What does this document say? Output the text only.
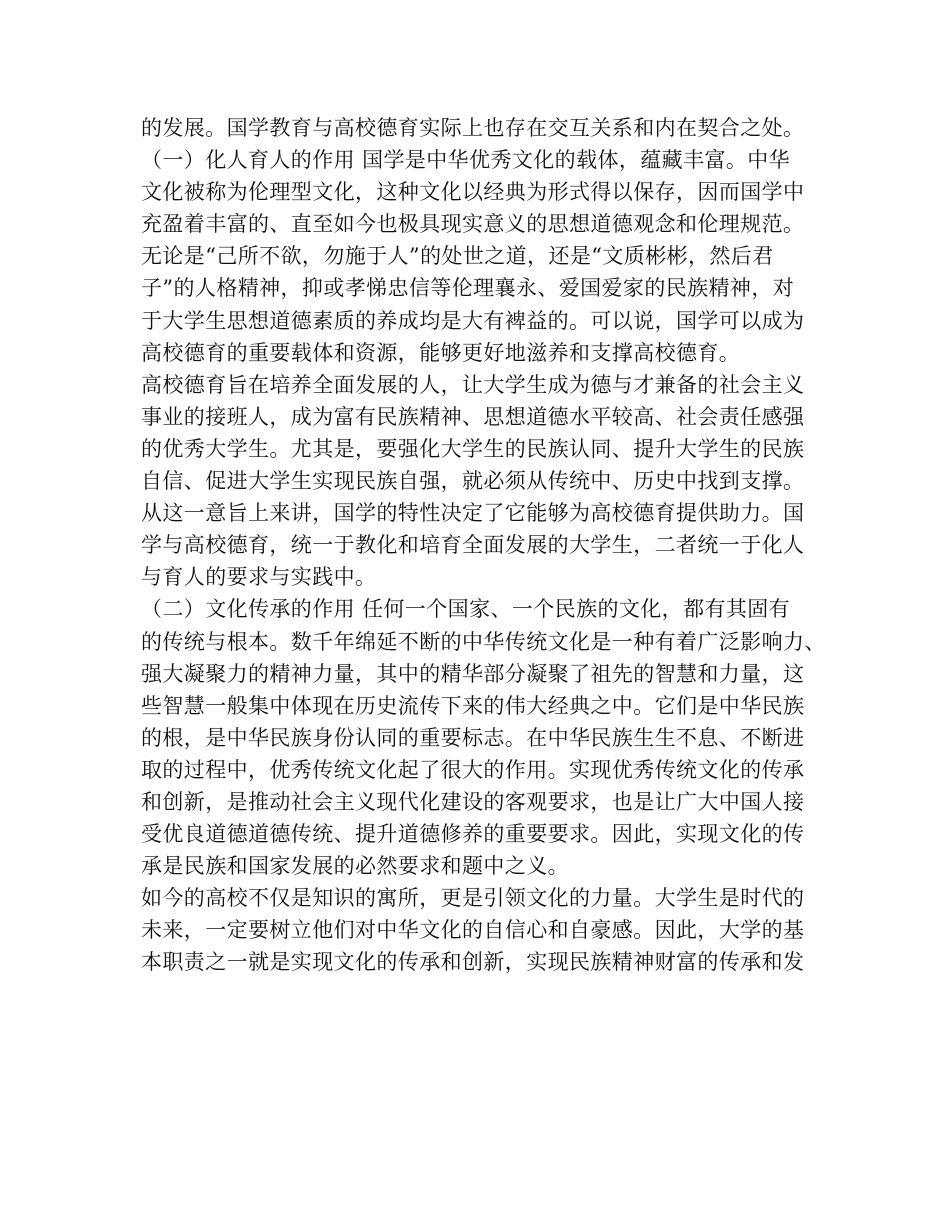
的发展。国学教育与高校德育实际上也存在交互关系和内在契合之处。
（一）化人育人的作用 国学是中华优秀文化的载体，蕴藏丰富。中华
文化被称为伦理型文化，这种文化以经典为形式得以保存，因而国学中
充盈着丰富的、直至如今也极具现实意义的思想道德观念和伦理规范。
无论是“己所不欲，勿施于人”的处世之道，还是“文质彬彬，然后君
子”的人格精神，抑或孝悌忠信等伦理襄永、爱国爱家的民族精神，对
于大学生思想道德素质的养成均是大有裨益的。可以说，国学可以成为
高校德育的重要载体和资源，能够更好地滋养和支撑高校德育。
高校德育旨在培养全面发展的人，让大学生成为德与才兼备的社会主义
事业的接班人，成为富有民族精神、思想道德水平较高、社会责任感强
的优秀大学生。尤其是，要强化大学生的民族认同、提升大学生的民族
自信、促进大学生实现民族自强，就必须从传统中、历史中找到支撑。
从这一意旨上来讲，国学的特性决定了它能够为高校德育提供助力。国
学与高校德育，统一于教化和培育全面发展的大学生，二者统一于化人
与育人的要求与实践中。
（二）文化传承的作用 任何一个国家、一个民族的文化，都有其固有
的传统与根本。数千年绵延不断的中华传统文化是一种有着广泛影响力、
强大凝聚力的精神力量，其中的精华部分凝聚了祖先的智慧和力量，这
些智慧一般集中体现在历史流传下来的伟大经典之中。它们是中华民族
的根，是中华民族身份认同的重要标志。在中华民族生生不息、不断进
取的过程中，优秀传统文化起了很大的作用。实现优秀传统文化的传承
和创新，是推动社会主义现代化建设的客观要求，也是让广大中国人接
受优良道德道德传统、提升道德修养的重要要求。因此，实现文化的传
承是民族和国家发展的必然要求和题中之义。
如今的高校不仅是知识的寓所，更是引领文化的力量。大学生是时代的
未来，一定要树立他们对中华文化的自信心和自豪感。因此，大学的基
本职责之一就是实现文化的传承和创新，实现民族精神财富的传承和发
